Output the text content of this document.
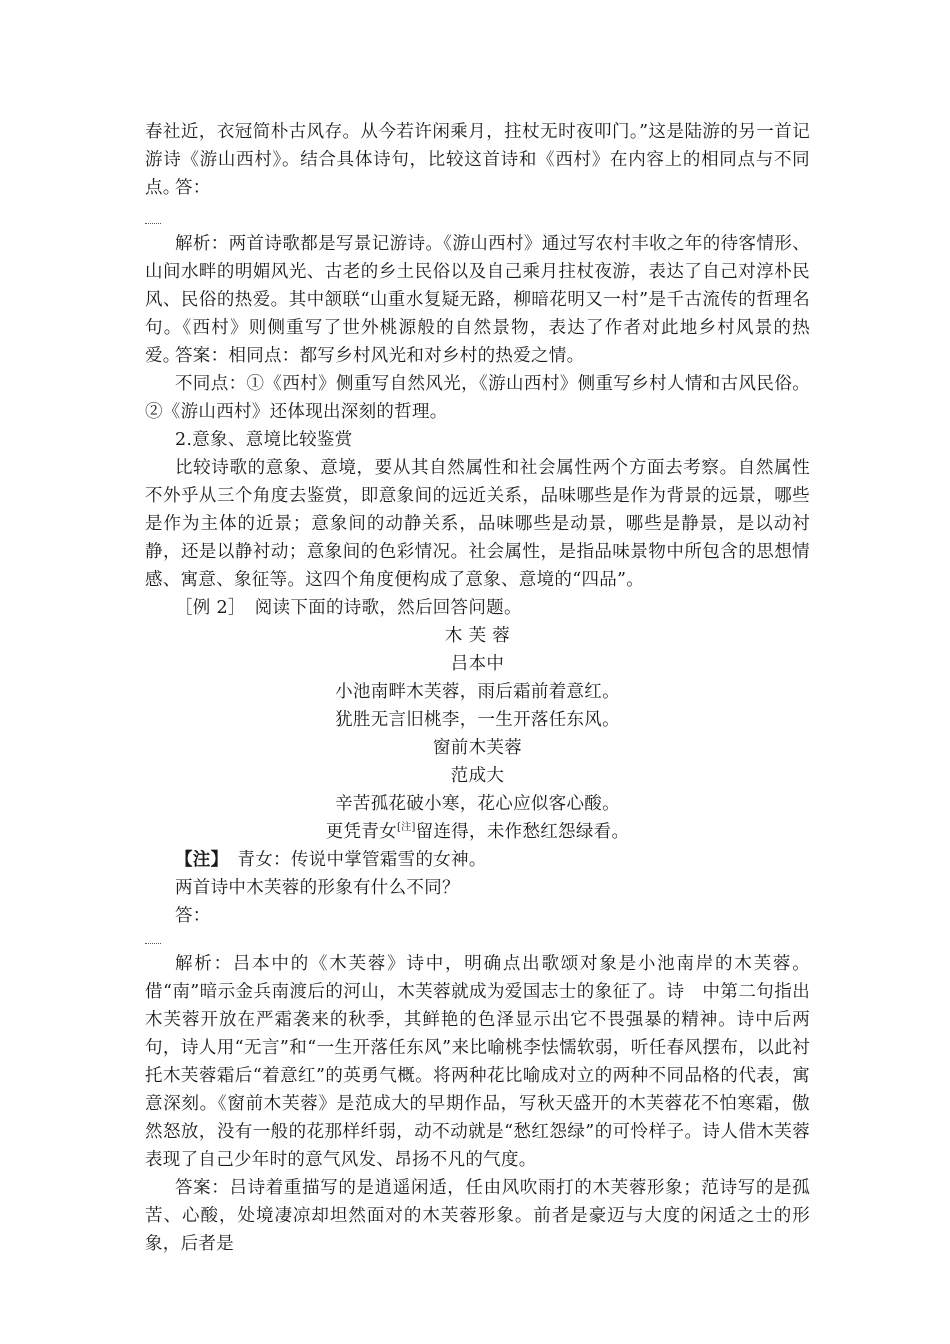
春社近，衣冠简朴古风存。从今若许闲乘月，拄杖无时夜叩门。”这是陆游的另一首记游诗《游山西村》。结合具体诗句，比较这首诗和《西村》在内容上的相同点与不同点。

答：

解析：两首诗歌都是写景记游诗。《游山西村》通过写农村丰收之年的待客情形、山间水畔的明媚风光、古老的乡土民俗以及自己乘月拄杖夜游，表达了自己对淳朴民风、民俗的热爱。其中颔联“山重水复疑无路，柳暗花明又一村”是千古流传的哲理名句。《西村》则侧重写了世外桃源般的自然景物，表达了作者对此地乡村风景的热爱。

答案：相同点：都写乡村风光和对乡村的热爱之情。

不同点：①《西村》侧重写自然风光，《游山西村》侧重写乡村人情和古风民俗。②《游山西村》还体现出深刻的哲理。

2.意象、意境比较鉴赏

比较诗歌的意象、意境，要从其自然属性和社会属性两个方面去考察。自然属性不外乎从三个角度去鉴赏，即意象间的远近关系，品味哪些是作为背景的远景，哪些是作为主体的近景；意象间的动静关系，品味哪些是动景，哪些是静景，是以动衬静，还是以静衬动；意象间的色彩情况。社会属性，是指品味景物中所包含的思想情感、寓意、象征等。这四个角度便构成了意象、意境的“四品”。

［例 2］　阅读下面的诗歌，然后回答问题。

木 芙 蓉

吕本中

小池南畔木芙蓉，雨后霜前着意红。

犹胜无言旧桃李，一生开落任东风。

窗前木芙蓉

范成大

辛苦孤花破小寒，花心应似客心酸。

更凭青女[注]留连得，未作愁红怨绿看。

【注】　青女：传说中掌管霜雪的女神。

两首诗中木芙蓉的形象有什么不同？

答：

解析：吕本中的《木芙蓉》诗中，明确点出歌颂对象是小池南岸的木芙蓉。借“南”暗示金兵南渡后的河山，木芙蓉就成为爱国志士的象征了。诗　中第二句指出木芙蓉开放在严霜袭来的秋季，其鲜艳的色泽显示出它不畏强暴的精神。诗中后两句，诗人用“无言”和“一生开落任东风”来比喻桃李怯懦软弱，听任春风摆布，以此衬托木芙蓉霜后“着意红”的英勇气概。将两种花比喻成对立的两种不同品格的代表，寓意深刻。《窗前木芙蓉》是范成大的早期作品，写秋天盛开的木芙蓉花不怕寒霜，傲然怒放，没有一般的花那样纤弱，动不动就是“愁红怨绿”的可怜样子。诗人借木芙蓉表现了自己少年时的意气风发、昂扬不凡的气度。

答案：吕诗着重描写的是逍遥闲适，任由风吹雨打的木芙蓉形象；范诗写的是孤苦、心酸，处境凄凉却坦然面对的木芙蓉形象。前者是豪迈与大度的闲适之士的形象，后者是
